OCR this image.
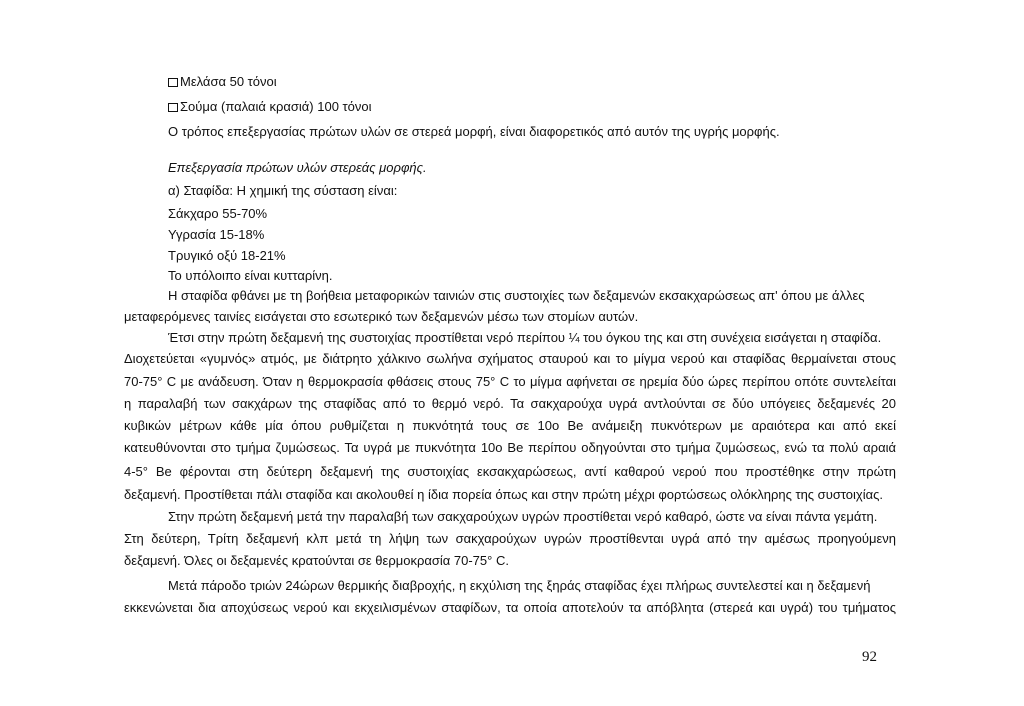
Μελάσα 50 τόνοι
Σούμα (παλαιά κρασιά) 100 τόνοι
Ο τρόπος επεξεργασίας πρώτων υλών σε στερεά μορφή, είναι διαφορετικός από αυτόν της υγρής μορφής.
Επεξεργασία πρώτων υλών στερεάς μορφής.
α) Σταφίδα: Η χημική της σύσταση είναι:
Σάκχαρο 55-70%
Υγρασία 15-18%
Τρυγικό οξύ 18-21%
Το υπόλοιπο είναι κυτταρίνη.
Η σταφίδα φθάνει με τη βοήθεια μεταφορικών ταινιών στις συστοιχίες των δεξαμενών εκσακχαρώσεως απ' όπου με άλλες
μεταφερόμενες ταινίες εισάγεται στο εσωτερικό των δεξαμενών μέσω των στομίων αυτών.
Έτσι στην πρώτη δεξαμενή της συστοιχίας προστίθεται νερό περίπου ¼ του όγκου της και στη συνέχεια εισάγεται η σταφίδα.
Διοχετεύεται «γυμνός» ατμός, με διάτρητο χάλκινο σωλήνα σχήματος σταυρού και το μίγμα νερού και σταφίδας θερμαίνεται στους
70-75° C με ανάδευση. Όταν η θερμοκρασία φθάσεις στους 75° C το μίγμα αφήνεται σε ηρεμία δύο ώρες περίπου οπότε συντελείται
η παραλαβή των σακχάρων της σταφίδας από το θερμό νερό. Τα σακχαρούχα υγρά αντλούνται σε δύο υπόγειες δεξαμενές 20
κυβικών μέτρων κάθε μία όπου ρυθμίζεται η πυκνότητά τους σε 10ο Be ανάμειξη πυκνότερων με αραιότερα και από εκεί
κατευθύνονται στο τμήμα ζυμώσεως. Τα υγρά με πυκνότητα 10ο Be περίπου οδηγούνται στο τμήμα ζυμώσεως, ενώ τα πολύ αραιά
4-5° Be φέρονται στη δεύτερη δεξαμενή της συστοιχίας εκσακχαρώσεως, αντί καθαρού νερού που προστέθηκε στην πρώτη
δεξαμενή. Προστίθεται πάλι σταφίδα και ακολουθεί η ίδια πορεία όπως και στην πρώτη μέχρι φορτώσεως ολόκληρης της συστοιχίας.
Στην πρώτη δεξαμενή μετά την παραλαβή των σακχαρούχων υγρών προστίθεται νερό καθαρό, ώστε να είναι πάντα γεμάτη.
Στη δεύτερη, Τρίτη δεξαμενή κλπ μετά τη λήψη των σακχαρούχων υγρών προστίθενται υγρά από την αμέσως προηγούμενη
δεξαμενή. Όλες οι δεξαμενές κρατούνται σε θερμοκρασία 70-75° C.
Μετά πάροδο τριών 24ώρων θερμικής διαβροχής, η εκχύλιση της ξηράς σταφίδας έχει πλήρως συντελεστεί και η δεξαμενή
εκκενώνεται δια αποχύσεως νερού και εκχειλισμένων σταφίδων, τα οποία αποτελούν τα απόβλητα (στερεά και υγρά) του τμήματος
92
